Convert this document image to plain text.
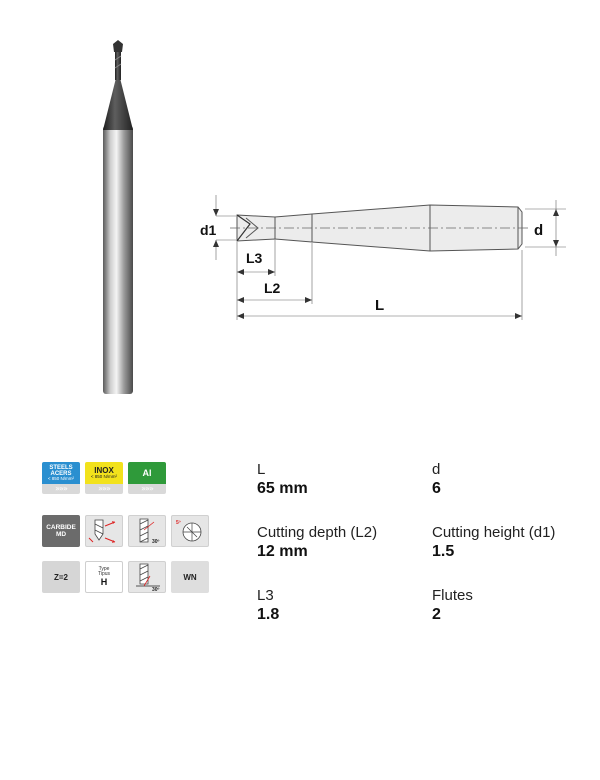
d1	d
L3
L2
L
STEELS
ACERS
< 850 N/mm²
»»»
INOX
< 850 N/mm²
»»»
Al
»»»
CARBIDE
MD
30º
5º
Z=2
Type
Tipus
H
30º
WN
L
65 mm
d
6
Cutting depth (L2)
12 mm
Cutting height (d1)
1.5
L3
1.8
Flutes
2
